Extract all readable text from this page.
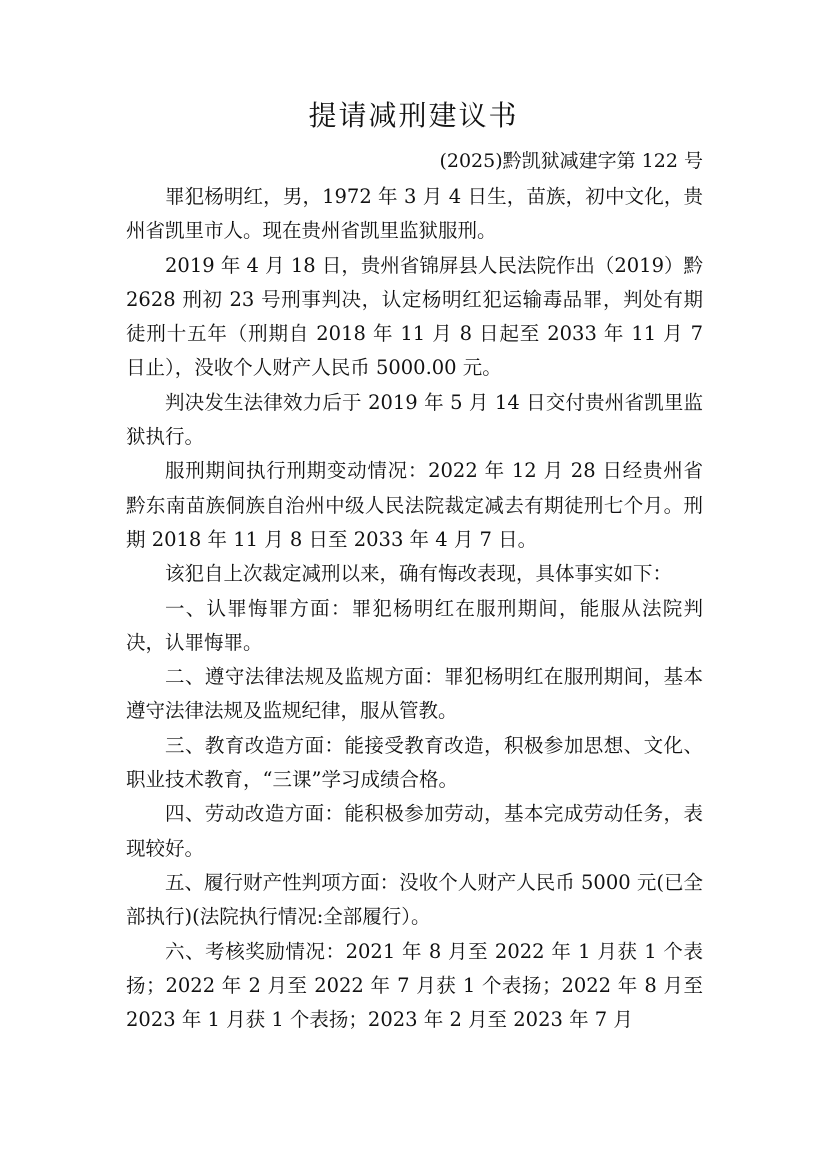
提请减刑建议书

(2025)黔凯狱减建字第 122 号

罪犯杨明红，男，1972 年 3 月 4 日生，苗族，初中文化，贵州省凯里市人。现在贵州省凯里监狱服刑。

2019 年 4 月 18 日，贵州省锦屏县人民法院作出（2019）黔 2628 刑初 23 号刑事判决，认定杨明红犯运输毒品罪，判处有期徒刑十五年（刑期自 2018 年 11 月 8 日起至 2033 年 11 月 7 日止），没收个人财产人民币 5000.00 元。

判决发生法律效力后于 2019 年 5 月 14 日交付贵州省凯里监狱执行。

服刑期间执行刑期变动情况：2022 年 12 月 28 日经贵州省黔东南苗族侗族自治州中级人民法院裁定减去有期徒刑七个月。刑期 2018 年 11 月 8 日至 2033 年 4 月 7 日。

该犯自上次裁定减刑以来，确有悔改表现，具体事实如下：

一、认罪悔罪方面：罪犯杨明红在服刑期间，能服从法院判决，认罪悔罪。

二、遵守法律法规及监规方面：罪犯杨明红在服刑期间，基本遵守法律法规及监规纪律，服从管教。

三、教育改造方面：能接受教育改造，积极参加思想、文化、职业技术教育，“三课”学习成绩合格。

四、劳动改造方面：能积极参加劳动，基本完成劳动任务，表现较好。

五、履行财产性判项方面：没收个人财产人民币 5000 元(已全部执行)(法院执行情况:全部履行）。

六、考核奖励情况：2021 年 8 月至 2022 年 1 月获 1 个表扬；2022 年 2 月至 2022 年 7 月获 1 个表扬；2022 年 8 月至 2023 年 1 月获 1 个表扬；2023 年 2 月至 2023 年 7 月
